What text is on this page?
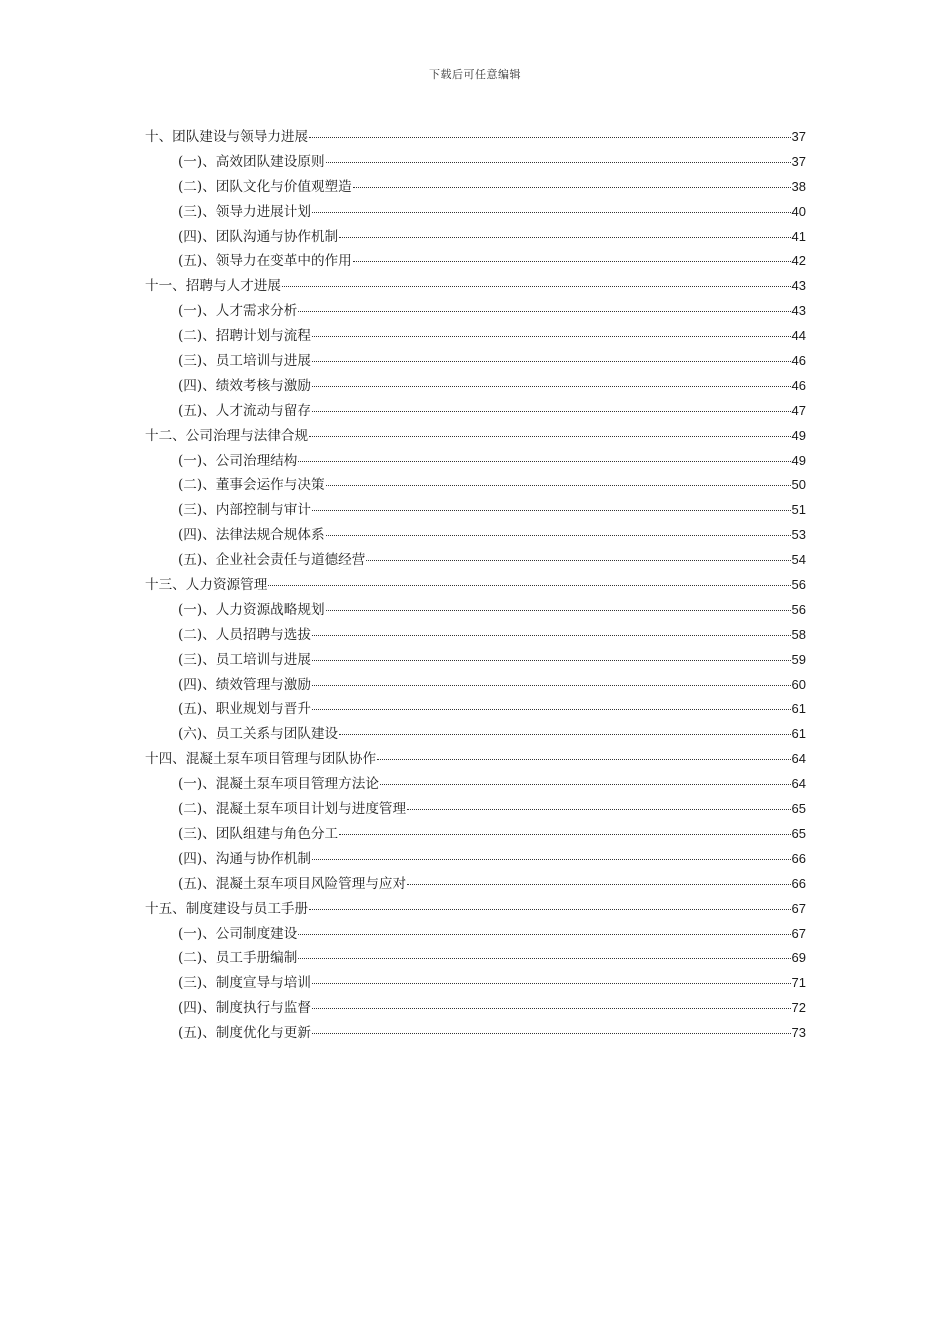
下载后可任意编辑
十、团队建设与领导力进展	37
(一)、高效团队建设原则	37
(二)、团队文化与价值观塑造	38
(三)、领导力进展计划	40
(四)、团队沟通与协作机制	41
(五)、领导力在变革中的作用	42
十一、招聘与人才进展	43
(一)、人才需求分析	43
(二)、招聘计划与流程	44
(三)、员工培训与进展	46
(四)、绩效考核与激励	46
(五)、人才流动与留存	47
十二、公司治理与法律合规	49
(一)、公司治理结构	49
(二)、董事会运作与决策	50
(三)、内部控制与审计	51
(四)、法律法规合规体系	53
(五)、企业社会责任与道德经营	54
十三、人力资源管理	56
(一)、人力资源战略规划	56
(二)、人员招聘与选拔	58
(三)、员工培训与进展	59
(四)、绩效管理与激励	60
(五)、职业规划与晋升	61
(六)、员工关系与团队建设	61
十四、混凝土泵车项目管理与团队协作	64
(一)、混凝土泵车项目管理方法论	64
(二)、混凝土泵车项目计划与进度管理	65
(三)、团队组建与角色分工	65
(四)、沟通与协作机制	66
(五)、混凝土泵车项目风险管理与应对	66
十五、制度建设与员工手册	67
(一)、公司制度建设	67
(二)、员工手册编制	69
(三)、制度宣导与培训	71
(四)、制度执行与监督	72
(五)、制度优化与更新	73
